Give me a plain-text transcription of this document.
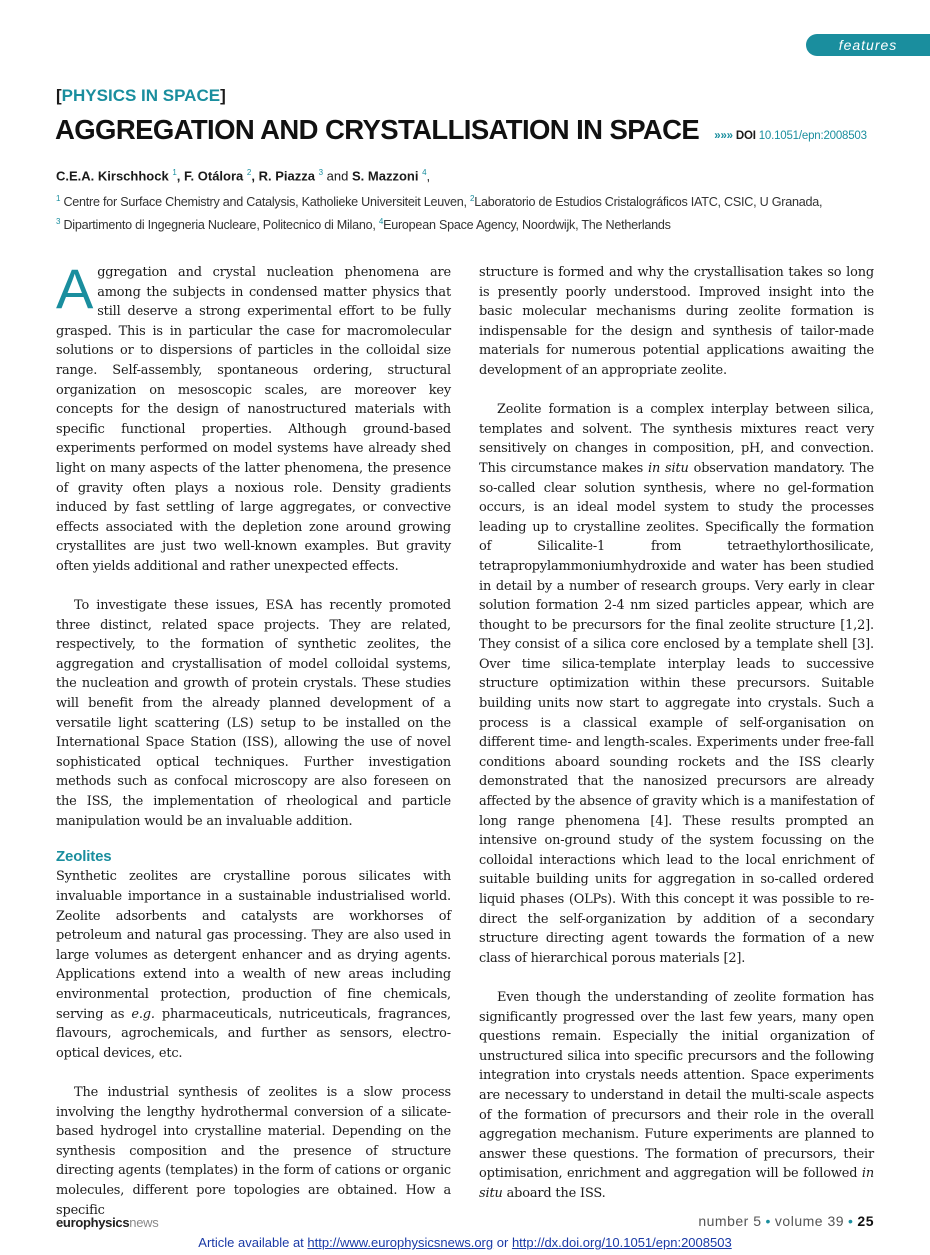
features
[PHYSICS IN SPACE]
AGGREGATION AND CRYSTALLISATION IN SPACE »»» DOI 10.1051/epn:2008503
C.E.A. Kirschhock $^1$, F. Otálora $^2$, R. Piazza $^3$ and S. Mazzoni $^4$,
$^1$ Centre for Surface Chemistry and Catalysis, Katholieke Universiteit Leuven, $^2$Laboratorio de Estudios Cristalográficos IATC, CSIC, U Granada,
$^3$ Dipartimento di Ingegneria Nucleare, Politecnico di Milano, $^4$European Space Agency, Noordwijk, The Netherlands

Aggregation and crystal nucleation phenomena are among the subjects in condensed matter physics that still deserve a strong experimental effort to be fully grasped. This is in particular the case for macromolecular solutions or to dispersions of particles in the colloidal size range. Self-assembly, spontaneous ordering, structural organization on mesoscopic scales, are moreover key concepts for the design of nanostructured materials with specific functional properties. Although ground-based experiments performed on model systems have already shed light on many aspects of the latter phenomena, the presence of gravity often plays a noxious role. Density gradients induced by fast settling of large aggregates, or convective effects associated with the depletion zone around growing crystallites are just two well-known examples. But gravity often yields additional and rather unexpected effects.

To investigate these issues, ESA has recently promoted three distinct, related space projects. They are related, respectively, to the formation of synthetic zeolites, the aggregation and crystallisation of model colloidal systems, the nucleation and growth of protein crystals. These studies will benefit from the already planned development of a versatile light scattering (LS) setup to be installed on the International Space Station (ISS), allowing the use of novel sophisticated optical techniques. Further investigation methods such as confocal microscopy are also foreseen on the ISS, the implementation of rheological and particle manipulation would be an invaluable addition.

Zeolites

Synthetic zeolites are crystalline porous silicates with invaluable importance in a sustainable industrialised world. Zeolite adsorbents and catalysts are workhorses of petroleum and natural gas processing. They are also used in large volumes as detergent enhancer and as drying agents. Applications extend into a wealth of new areas including environmental protection, production of fine chemicals, serving as e.g. pharmaceuticals, nutriceuticals, fragrances, flavours, agrochemicals, and further as sensors, electro-optical devices, etc.

The industrial synthesis of zeolites is a slow process involving the lengthy hydrothermal conversion of a silicate-based hydrogel into crystalline material. Depending on the synthesis composition and the presence of structure directing agents (templates) in the form of cations or organic molecules, different pore topologies are obtained. How a specific

structure is formed and why the crystallisation takes so long is presently poorly understood. Improved insight into the basic molecular mechanisms during zeolite formation is indispensable for the design and synthesis of tailor-made materials for numerous potential applications awaiting the development of an appropriate zeolite.

Zeolite formation is a complex interplay between silica, templates and solvent. The synthesis mixtures react very sensitively on changes in composition, pH, and convection. This circumstance makes in situ observation mandatory. The so-called clear solution synthesis, where no gel-formation occurs, is an ideal model system to study the processes leading up to crystalline zeolites. Specifically the formation of Silicalite-1 from tetraethylorthosilicate, tetrapropylammoniumhydroxide and water has been studied in detail by a number of research groups. Very early in clear solution formation 2-4 nm sized particles appear, which are thought to be precursors for the final zeolite structure [1,2]. They consist of a silica core enclosed by a template shell [3]. Over time silica-template interplay leads to successive structure optimization within these precursors. Suitable building units now start to aggregate into crystals. Such a process is a classical example of self-organisation on different time- and length-scales. Experiments under free-fall conditions aboard sounding rockets and the ISS clearly demonstrated that the nanosized precursors are already affected by the absence of gravity which is a manifestation of long range phenomena [4]. These results prompted an intensive on-ground study of the system focussing on the colloidal interactions which lead to the local enrichment of suitable building units for aggregation in so-called ordered liquid phases (OLPs). With this concept it was possible to re-direct the self-organization by addition of a secondary structure directing agent towards the formation of a new class of hierarchical porous materials [2].

Even though the understanding of zeolite formation has significantly progressed over the last few years, many open questions remain. Especially the initial organization of unstructured silica into specific precursors and the following integration into crystals needs attention. Space experiments are necessary to understand in detail the multi-scale aspects of the formation of precursors and their role in the overall aggregation mechanism. Future experiments are planned to answer these questions. The formation of precursors, their optimisation, enrichment and aggregation will be followed in situ aboard the ISS.

europhysicsnews	number 5 • volume 39 • 25
Article available at http://www.europhysicsnews.org or http://dx.doi.org/10.1051/epn:2008503
